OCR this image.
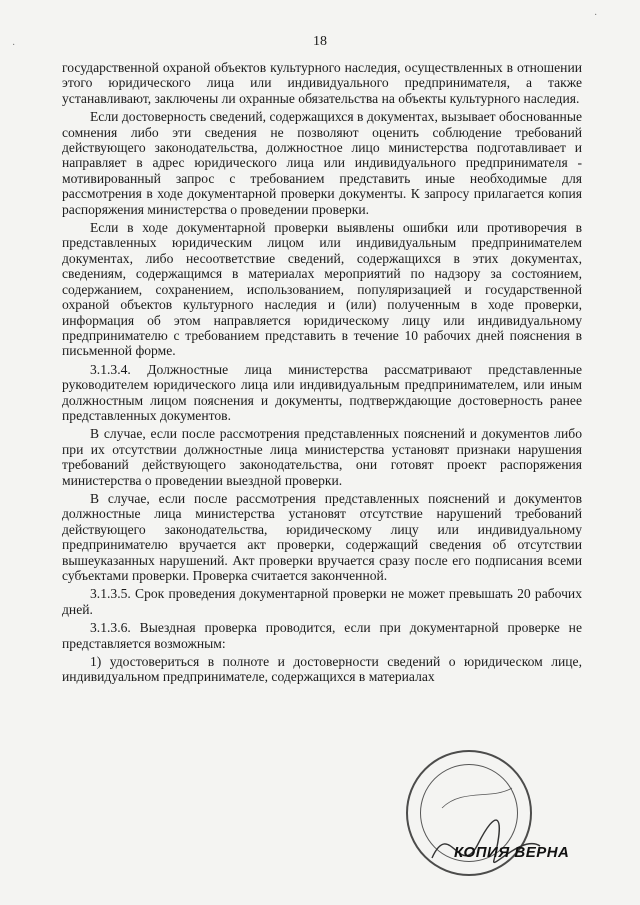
18
·
·

государственной охраной объектов культурного наследия, осуществленных в отношении этого юридического лица или индивидуального предпринимателя, а также устанавливают, заключены ли охранные обязательства на объекты культурного наследия.

Если достоверность сведений, содержащихся в документах, вызывает обоснованные сомнения либо эти сведения не позволяют оценить соблюдение требований действующего законодательства, должностное лицо министерства подготавливает и направляет в адрес юридического лица или индивидуального предпринимателя - мотивированный запрос с требованием представить иные необходимые для рассмотрения в ходе документарной проверки документы. К запросу прилагается копия распоряжения министерства о проведении проверки.

Если в ходе документарной проверки выявлены ошибки или противоречия в представленных юридическим лицом или индивидуальным предпринимателем документах, либо несоответствие сведений, содержащихся в этих документах, сведениям, содержащимся в материалах мероприятий по надзору за состоянием, содержанием, сохранением, использованием, популяризацией и государственной охраной объектов культурного наследия и (или) полученным в ходе проверки, информация об этом направляется юридическому лицу или индивидуальному предпринимателю с требованием представить в течение 10 рабочих дней пояснения в письменной форме.

3.1.3.4. Должностные лица министерства рассматривают представленные руководителем юридического лица или индивидуальным предпринимателем, или иным должностным лицом пояснения и документы, подтверждающие достоверность ранее представленных документов.

В случае, если после рассмотрения представленных пояснений и документов либо при их отсутствии должностные лица министерства установят признаки нарушения требований действующего законодательства, они готовят проект распоряжения министерства о проведении выездной проверки.

В случае, если после рассмотрения представленных пояснений и документов должностные лица министерства установят отсутствие нарушений требований действующего законодательства, юридическому лицу или индивидуальному предпринимателю вручается акт проверки, содержащий сведения об отсутствии вышеуказанных нарушений. Акт проверки вручается сразу после его подписания всеми субъектами проверки. Проверка считается законченной.

3.1.3.5. Срок проведения документарной проверки не может превышать 20 рабочих дней.

3.1.3.6. Выездная проверка проводится, если при документарной проверке не представляется возможным:

1) удостовериться в полноте и достоверности сведений о юридическом лице, индивидуальном предпринимателе, содержащихся в материалах

КОПИЯ ВЕРНА
